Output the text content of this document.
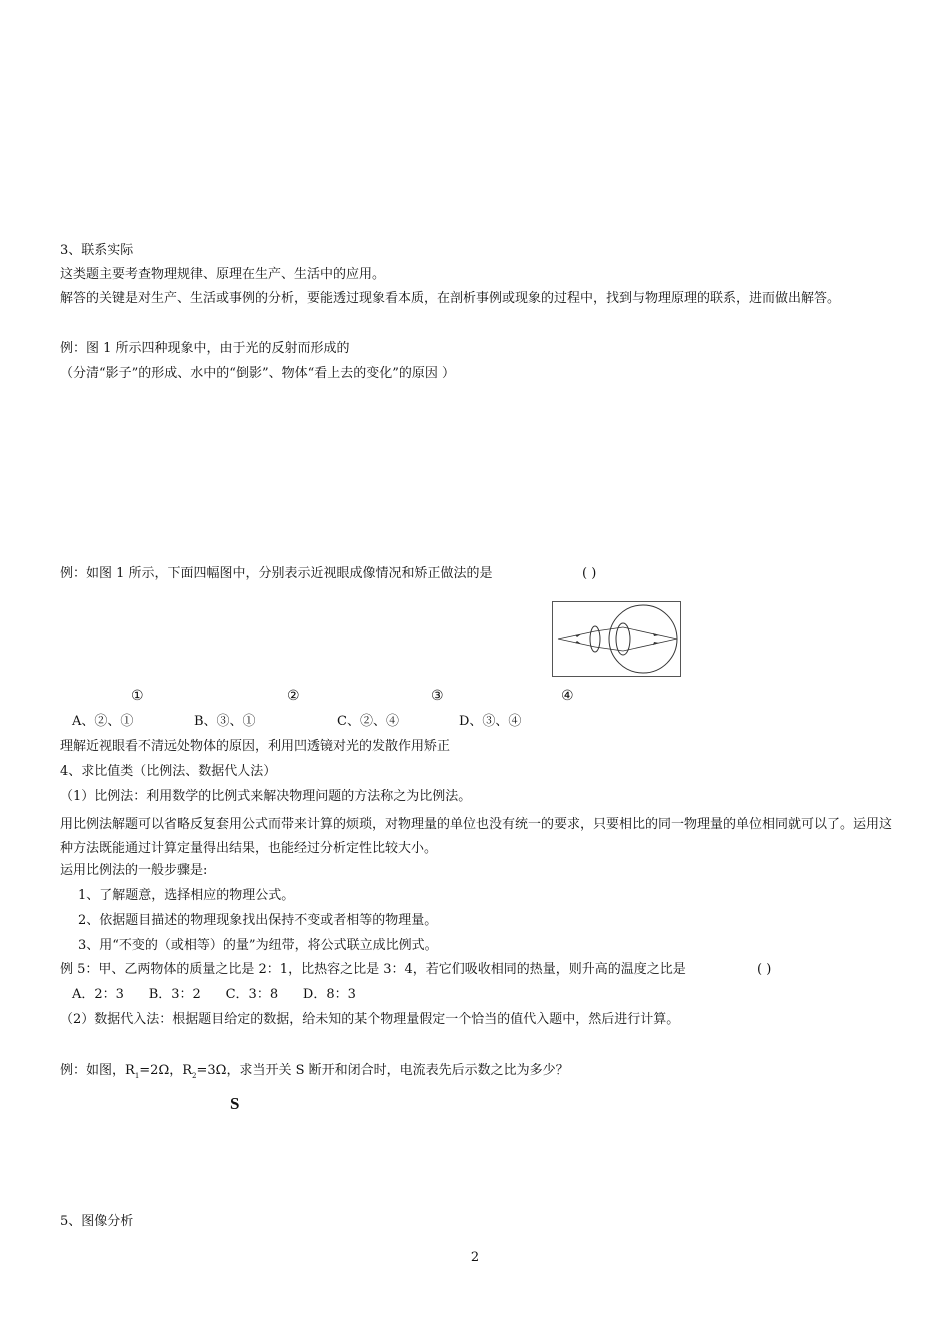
3、联系实际
这类题主要考查物理规律、原理在生产、生活中的应用。
解答的关键是对生产、生活或事例的分析，要能透过现象看本质，在剖析事例或现象的过程中，找到与物理原理的联系，进而做出解答。
例：图 1 所示四种现象中，由于光的反射而形成的
（分清“影子”的形成、水中的“倒影”、物体“看上去的变化”的原因 ）
例：如图 1 所示，下面四幅图中，分别表示近视眼成像情况和矫正做法的是	( )
①	②	③	④
A、②、①	B、③、①	C、②、④	D、③、④
理解近视眼看不清远处物体的原因，利用凹透镜对光的发散作用矫正
4、求比值类（比例法、数据代人法）
（1）比例法：利用数学的比例式来解决物理问题的方法称之为比例法。
用比例法解题可以省略反复套用公式而带来计算的烦琐，对物理量的单位也没有统一的要求，只要相比的同一物理量的单位相同就可以了。运用这种方法既能通过计算定量得出结果，也能经过分析定性比较大小。
运用比例法的一般步骤是:
1、了解题意，选择相应的物理公式。
2、依据题目描述的物理现象找出保持不变或者相等的物理量。
3、用“不变的（或相等）的量”为纽带，将公式联立成比例式。
例 5：甲、乙两物体的质量之比是 2：1，比热容之比是 3：4，若它们吸收相同的热量，则升高的温度之比是	( )
A．2：3      B．3：2      C．3：8      D．8：3
（2）数据代入法：根据题目给定的数据，给未知的某个物理量假定一个恰当的值代入题中，然后进行计算。
例：如图，$R_1=2\Omega$，$R_2=3\Omega$，求当开关 S 断开和闭合时，电流表先后示数之比为多少？
S
5、图像分析
2
